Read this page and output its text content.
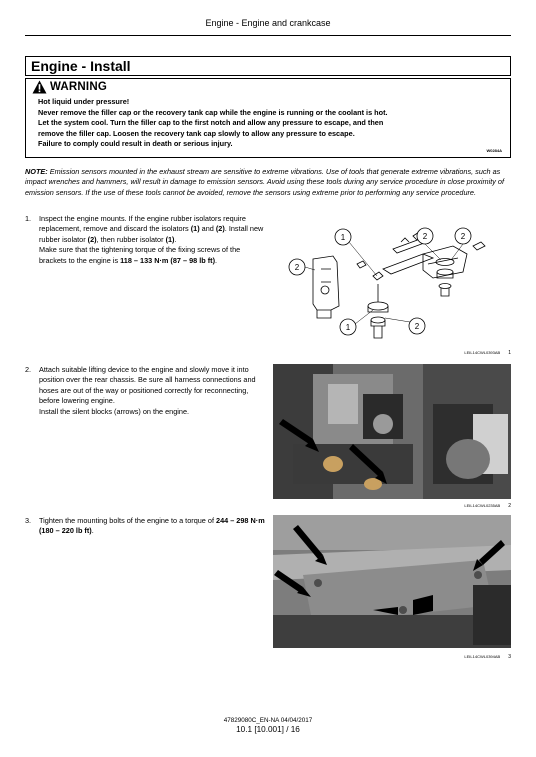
Engine - Engine and crankcase
Engine - Install
WARNING
Hot liquid under pressure!
Never remove the filler cap or the recovery tank cap while the engine is running or the coolant is hot.
Let the system cool. Turn the filler cap to the first notch and allow any pressure to escape, and then
remove the filler cap. Loosen the recovery tank cap slowly to allow any pressure to escape.
Failure to comply could result in death or serious injury.
W0284A
NOTE: Emission sensors mounted in the exhaust stream are sensitive to extreme vibrations. Use of tools that generate extreme vibrations, such as impact wrenches and hammers, will result in damage to emission sensors. Avoid using these tools during any service procedure in close proximity of emission sensors. If the use of these tools cannot be avoided, remove the sensors using extreme prior to performing any service procedure.
1. Inspect the engine mounts. If the engine rubber isolators require replacement, remove and discard the isolators (1) and (2). Install new rubber isolator (2), then rubber isolator (1).
Make sure that the tightening torque of the fixing screws of the brackets to the engine is 118 – 133 N·m (87 – 98 lb ft).
2. Attach suitable lifting device to the engine and slowly move it into position over the rear chassis. Be sure all harness connections and hoses are out of the way or positioned correctly for reconnecting, before lowering engine.
Install the silent blocks (arrows) on the engine.
3. Tighten the mounting bolts of the engine to a torque of 244 – 298 N·m (180 – 220 lb ft).
1	2	2
2
1	2
LEIL14CWL0393AB 1
LEIL14CWL0235AB 2
LEIL14CWL0394AB 3
47829080C_EN-NA 04/04/2017
10.1 [10.001] / 16
